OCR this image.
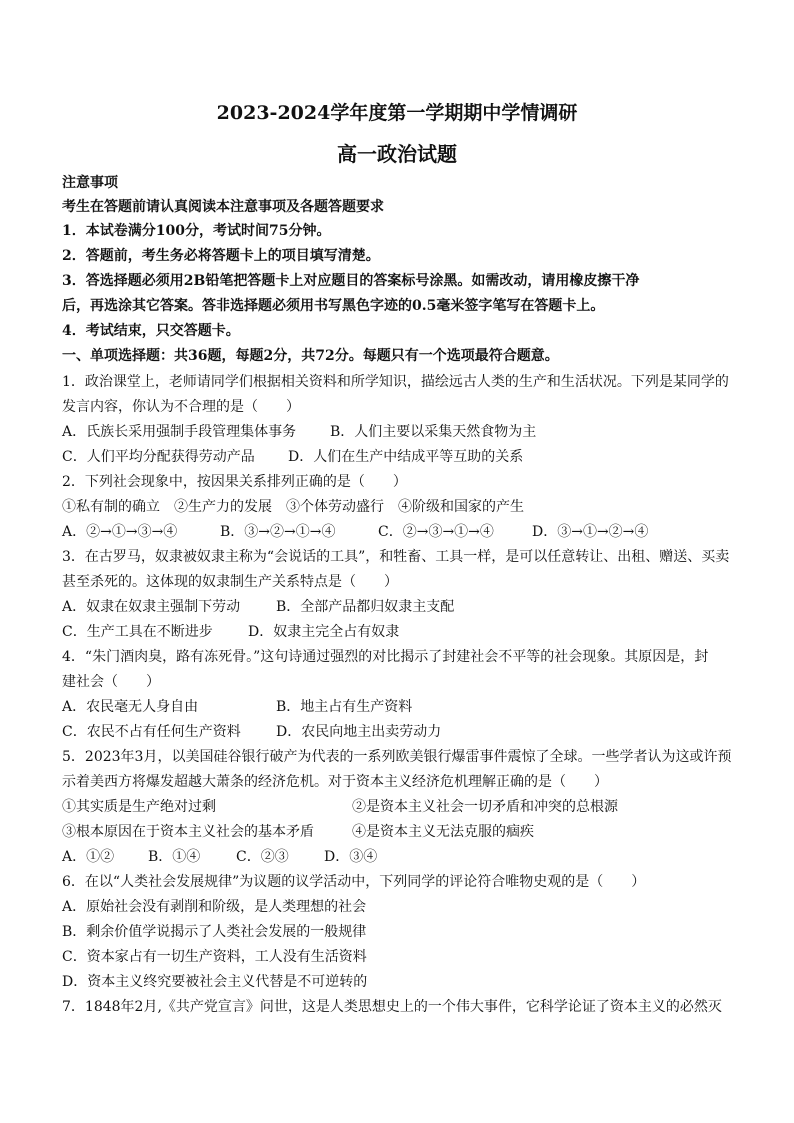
2023-2024学年度第一学期期中学情调研
高一政治试题
注意事项
考生在答题前请认真阅读本注意事项及各题答题要求
1．本试卷满分100分，考试时间75分钟。
2．答题前，考生务必将答题卡上的项目填写清楚。
3．答选择题必须用2B铅笔把答题卡上对应题目的答案标号涂黑。如需改动，请用橡皮擦干净
后，再选涂其它答案。答非选择题必须用书写黑色字迹的0.5毫米签字笔写在答题卡上。
4．考试结束，只交答题卡。
一、单项选择题：共36题，每题2分，共72分。每题只有一个选项最符合题意。
1．政治课堂上，老师请同学们根据相关资料和所学知识，描绘远古人类的生产和生活状况。下列是某同学的
发言内容，你认为不合理的是（　　）
A．氏族长采用强制手段管理集体事务 B．人们主要以采集天然食物为主
C．人们平均分配获得劳动产品 D．人们在生产中结成平等互助的关系
2．下列社会现象中，按因果关系排列正确的是（　　）
①私有制的确立　②生产力的发展　③个体劳动盛行　④阶级和国家的产生
A．②→①→③→④	B．③→②→①→④	C．②→③→①→④	D．③→①→②→④
3．在古罗马，奴隶被奴隶主称为“会说话的工具”，和牲畜、工具一样，是可以任意转让、出租、赠送、买卖
甚至杀死的。这体现的奴隶制生产关系特点是（　　）
A．奴隶在奴隶主强制下劳动	B．全部产品都归奴隶主支配
C．生产工具在不断进步	D．奴隶主完全占有奴隶
4．“朱门酒肉臭，路有冻死骨。”这句诗通过强烈的对比揭示了封建社会不平等的社会现象。其原因是，封
建社会（　　）
A．农民毫无人身自由	B．地主占有生产资料
C．农民不占有任何生产资料	D．农民向地主出卖劳动力
5．2023年3月，以美国硅谷银行破产为代表的一系列欧美银行爆雷事件震惊了全球。一些学者认为这或许预
示着美西方将爆发超越大萧条的经济危机。对于资本主义经济危机理解正确的是（　　）
①其实质是生产绝对过剩	②是资本主义社会一切矛盾和冲突的总根源
③根本原因在于资本主义社会的基本矛盾	④是资本主义无法克服的痼疾
A．①② B．①④	C．②③	D．③④
6．在以“人类社会发展规律”为议题的议学活动中，下列同学的评论符合唯物史观的是（　　）
A．原始社会没有剥削和阶级，是人类理想的社会
B．剩余价值学说揭示了人类社会发展的一般规律
C．资本家占有一切生产资料，工人没有生活资料
D．资本主义终究要被社会主义代替是不可逆转的
7．1848年2月,《共产党宣言》问世，这是人类思想史上的一个伟大事件，它科学论证了资本主义的必然灭
